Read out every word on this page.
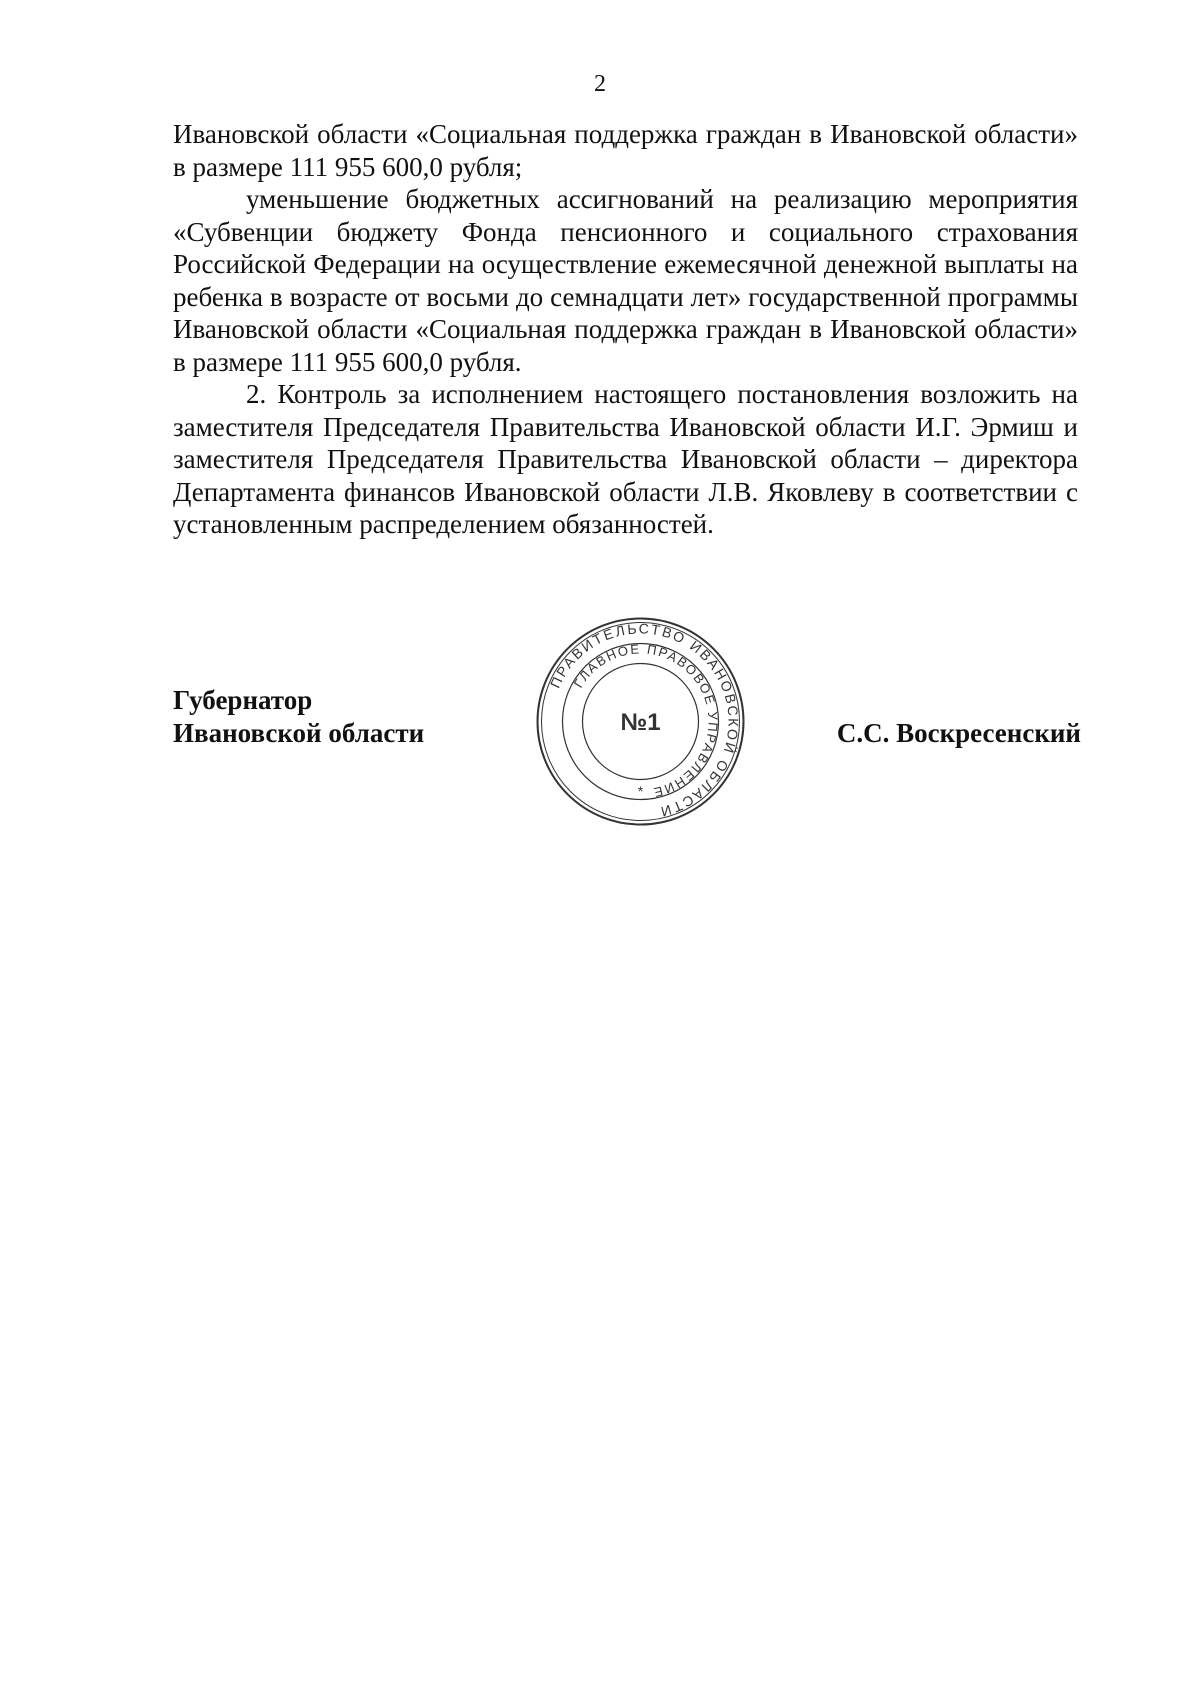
2

Ивановской области «Социальная поддержка граждан в Ивановской области» в размере 111 955 600,0 рубля;

уменьшение бюджетных ассигнований на реализацию мероприятия «Субвенции бюджету Фонда пенсионного и социального страхования Российской Федерации на осуществление ежемесячной денежной выплаты на ребенка в возрасте от восьми до семнадцати лет» государственной программы Ивановской области «Социальная поддержка граждан в Ивановской области» в размере 111 955 600,0 рубля.

2. Контроль за исполнением настоящего постановления возложить на заместителя Председателя Правительства Ивановской области И.Г. Эрмиш и заместителя Председателя Правительства Ивановской области – директора Департамента финансов Ивановской области Л.В. Яковлеву в соответствии с установленным распределением обязанностей.

Губернатор
Ивановской области	С.С. Воскресенский
ПРАВИТЕЛЬСТВО ИВАНОВСКОЙ ОБЛАСТИ
ГЛАВНОЕ ПРАВОВОЕ УПРАВЛЕНИЕ
№1
*
